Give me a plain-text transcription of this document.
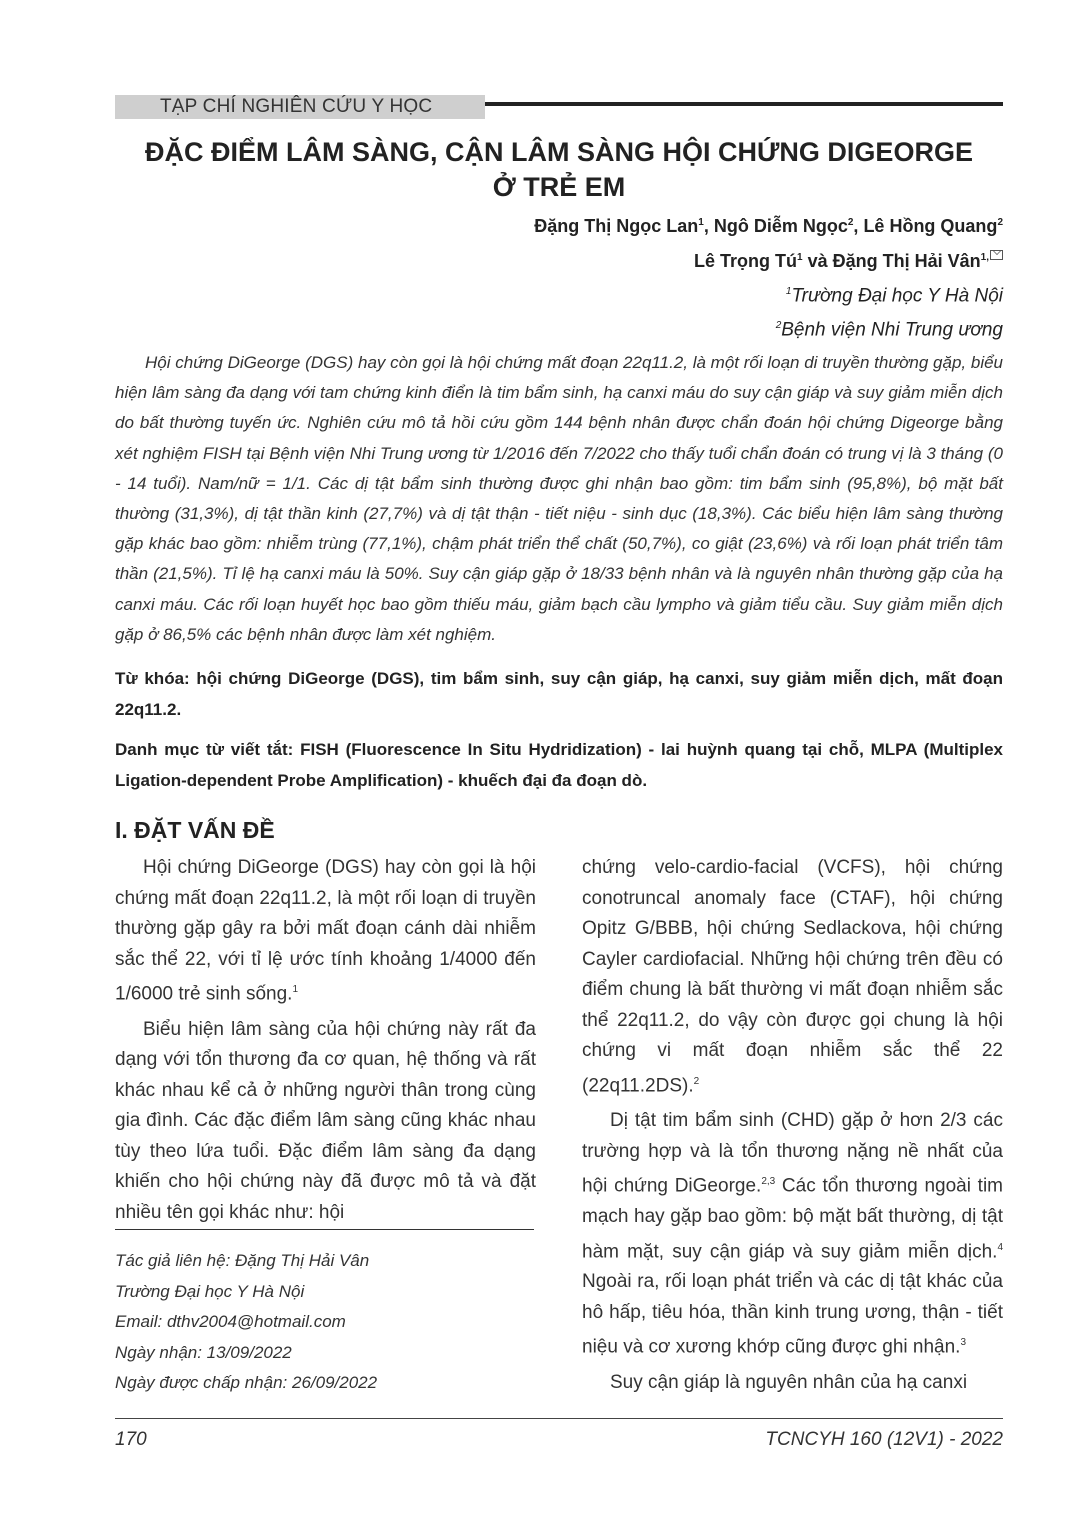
TẠP CHÍ NGHIÊN CỨU Y HỌC
ĐẶC ĐIỂM LÂM SÀNG, CẬN LÂM SÀNG HỘI CHỨNG DIGEORGE
Ở TRẺ EM
Đặng Thị Ngọc Lan$^1$, Ngô Diễm Ngọc$^2$, Lê Hồng Quang$^2$
Lê Trọng $Tú^1$ và Đặng Thị Hải Vân$^{1,}$
$^1$Trường Đại học Y Hà Nội
$^2$Bệnh viện Nhi Trung ương

Hội chứng DiGeorge (DGS) hay còn gọi là hội chứng mất đoạn 22q11.2, là một rối loạn di truyền thường gặp, biểu hiện lâm sàng đa dạng với tam chứng kinh điển là tim bẩm sinh, hạ canxi máu do suy cận giáp và suy giảm miễn dịch do bất thường tuyến ức. Nghiên cứu mô tả hồi cứu gồm 144 bệnh nhân được chẩn đoán hội chứng Digeorge bằng xét nghiệm FISH tại Bệnh viện Nhi Trung ương từ 1/2016 đến 7/2022 cho thấy tuổi chẩn đoán có trung vị là 3 tháng (0 - 14 tuổi). Nam/nữ = 1/1. Các dị tật bẩm sinh thường được ghi nhận bao gồm: tim bẩm sinh (95,8%), bộ mặt bất thường (31,3%), dị tật thần kinh (27,7%) và dị tật thận - tiết niệu - sinh dục (18,3%). Các biểu hiện lâm sàng thường gặp khác bao gồm: nhiễm trùng (77,1%), chậm phát triển thể chất (50,7%), co giật (23,6%) và rối loạn phát triển tâm thần (21,5%). Tỉ lệ hạ canxi máu là 50%. Suy cận giáp gặp ở 18/33 bệnh nhân và là nguyên nhân thường gặp của hạ canxi máu. Các rối loạn huyết học bao gồm thiếu máu, giảm bạch cầu lympho và giảm tiểu cầu. Suy giảm miễn dịch gặp ở 86,5% các bệnh nhân được làm xét nghiệm.

Từ khóa: hội chứng DiGeorge (DGS), tim bẩm sinh, suy cận giáp, hạ canxi, suy giảm miễn dịch, mất đoạn 22q11.2.

Danh mục từ viết tắt: FISH (Fluorescence In Situ Hydridization) - lai huỳnh quang tại chỗ, MLPA (Multiplex Ligation-dependent Probe Amplification) - khuếch đại đa đoạn dò.

I. ĐẶT VẤN ĐỀ

Hội chứng DiGeorge (DGS) hay còn gọi là hội chứng mất đoạn 22q11.2, là một rối loạn di truyền thường gặp gây ra bởi mất đoạn cánh dài nhiễm sắc thể 22, với tỉ lệ ước tính khoảng 1/4000 đến 1/6000 trẻ sinh sống.$^1$

Biểu hiện lâm sàng của hội chứng này rất đa dạng với tổn thương đa cơ quan, hệ thống và rất khác nhau kể cả ở những người thân trong cùng gia đình. Các đặc điểm lâm sàng cũng khác nhau tùy theo lứa tuổi. Đặc điểm lâm sàng đa dạng khiến cho hội chứng này đã được mô tả và đặt nhiều tên gọi khác như: hội

chứng velo-cardio-facial (VCFS), hội chứng conotruncal anomaly face (CTAF), hội chứng Opitz G/BBB, hội chứng Sedlackova, hội chứng Cayler cardiofacial. Những hội chứng trên đều có điểm chung là bất thường vi mất đoạn nhiễm sắc thể 22q11.2, do vậy còn được gọi chung là hội chứng vi mất đoạn nhiễm sắc thể 22 (22q11.2DS).$^2$

Dị tật tim bẩm sinh (CHD) gặp ở hơn 2/3 các trường hợp và là tổn thương nặng nề nhất của hội chứng DiGeorge.$^{2,3}$ Các tổn thương ngoài tim mạch hay gặp bao gồm: bộ mặt bất thường, dị tật hàm mặt, suy cận giáp và suy giảm miễn dịch.$^4$ Ngoài ra, rối loạn phát triển và các dị tật khác của hô hấp, tiêu hóa, thần kinh trung ương, thận - tiết niệu và cơ xương khớp cũng được ghi nhận.$^3$

Suy cận giáp là nguyên nhân của hạ canxi

Tác giả liên hệ: Đặng Thị Hải Vân
Trường Đại học Y Hà Nội
Email: dthv2004@hotmail.com
Ngày nhận: 13/09/2022
Ngày được chấp nhận: 26/09/2022
170	TCNCYH 160 (12V1) - 2022
